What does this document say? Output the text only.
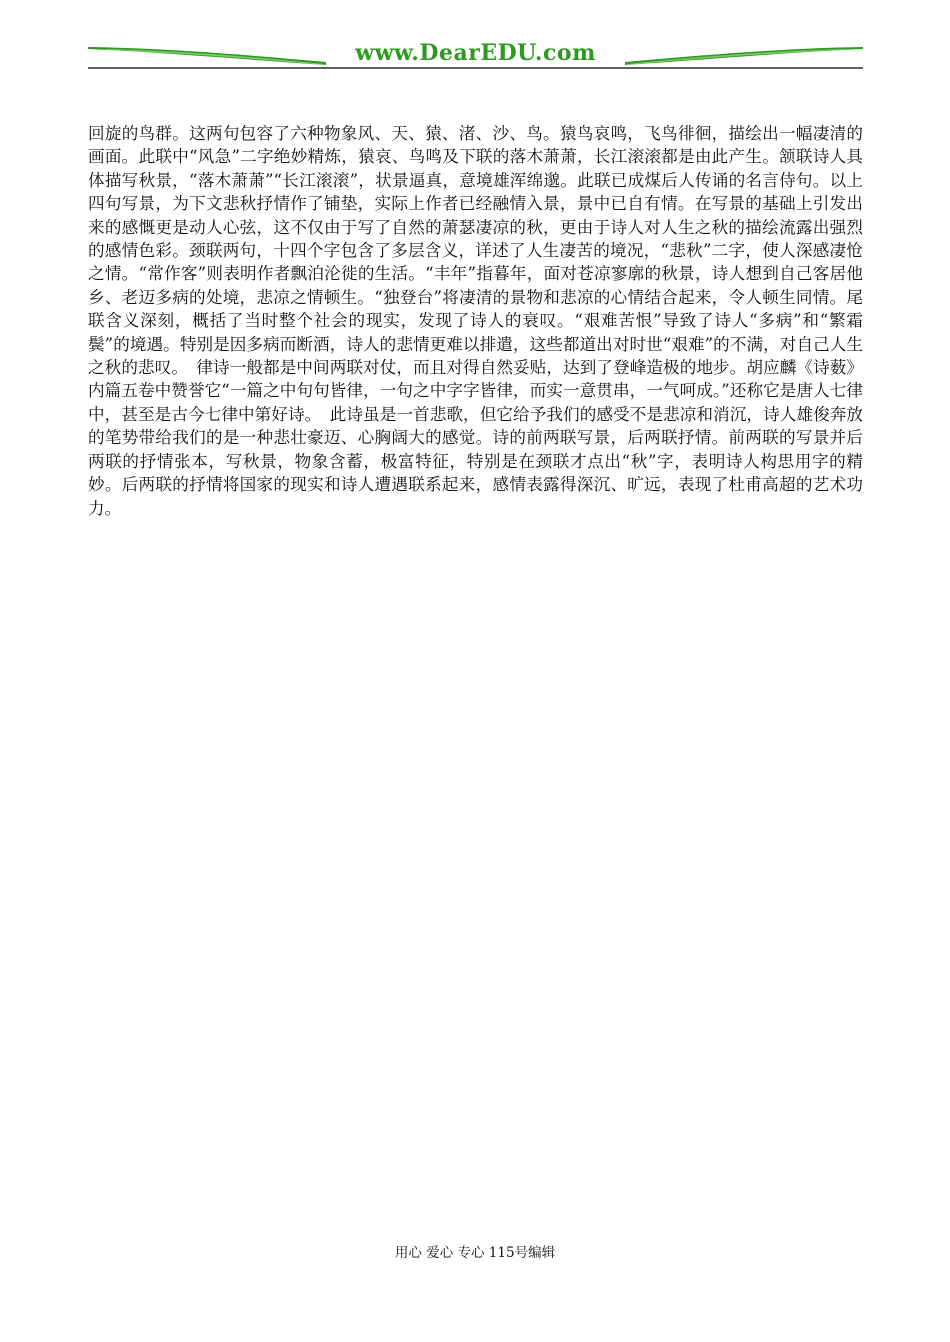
www.DearEDU.com

回旋的鸟群。这两句包容了六种物象风、天、猿、渚、沙、鸟。猿鸟哀鸣，飞鸟徘徊，描绘出一幅凄清的画面。此联中“风急”二字绝妙精炼，猿哀、鸟鸣及下联的落木萧萧，长江滚滚都是由此产生。颔联诗人具体描写秋景，“落木萧萧”“长江滚滚”，状景逼真，意境雄浑绵邈。此联已成煤后人传诵的名言侍句。以上四句写景，为下文悲秋抒情作了铺垫，实际上作者已经融情入景，景中已自有情。在写景的基础上引发出来的感慨更是动人心弦，这不仅由于写了自然的萧瑟凄凉的秋，更由于诗人对人生之秋的描绘流露出强烈的感情色彩。颈联两句，十四个字包含了多层含义，详述了人生凄苦的境况，“悲秋”二字，使人深感凄怆之情。“常作客”则表明作者飘泊沦徙的生活。“丰年”指暮年，面对苍凉寥廓的秋景，诗人想到自己客居他乡、老迈多病的处境，悲凉之情顿生。“独登台”将凄清的景物和悲凉的心情结合起来，令人顿生同情。尾联含义深刻，概括了当时整个社会的现实，发现了诗人的衰叹。“艰难苦恨”导致了诗人“多病”和“繁霜鬓”的境遇。特别是因多病而断酒，诗人的悲情更难以排遣，这些都道出对时世“艰难”的不满，对自己人生之秋的悲叹。　律诗一般都是中间两联对仗，而且对得自然妥贴，达到了登峰造极的地步。胡应麟《诗薮》内篇五卷中赞誉它“一篇之中句句皆律，一句之中字字皆律，而实一意贯串，一气呵成。”还称它是唐人七律中，甚至是古今七律中第好诗。　此诗虽是一首悲歌，但它给予我们的感受不是悲凉和消沉，诗人雄俊奔放的笔势带给我们的是一种悲壮豪迈、心胸阔大的感觉。诗的前两联写景，后两联抒情。前两联的写景并后两联的抒情张本，写秋景，物象含蓄，极富特征，特别是在颈联才点出“秋”字，表明诗人构思用字的精妙。后两联的抒情将国家的现实和诗人遭遇联系起来，感情表露得深沉、旷远，表现了杜甫高超的艺术功力。

用心 爱心 专心 115号编辑
